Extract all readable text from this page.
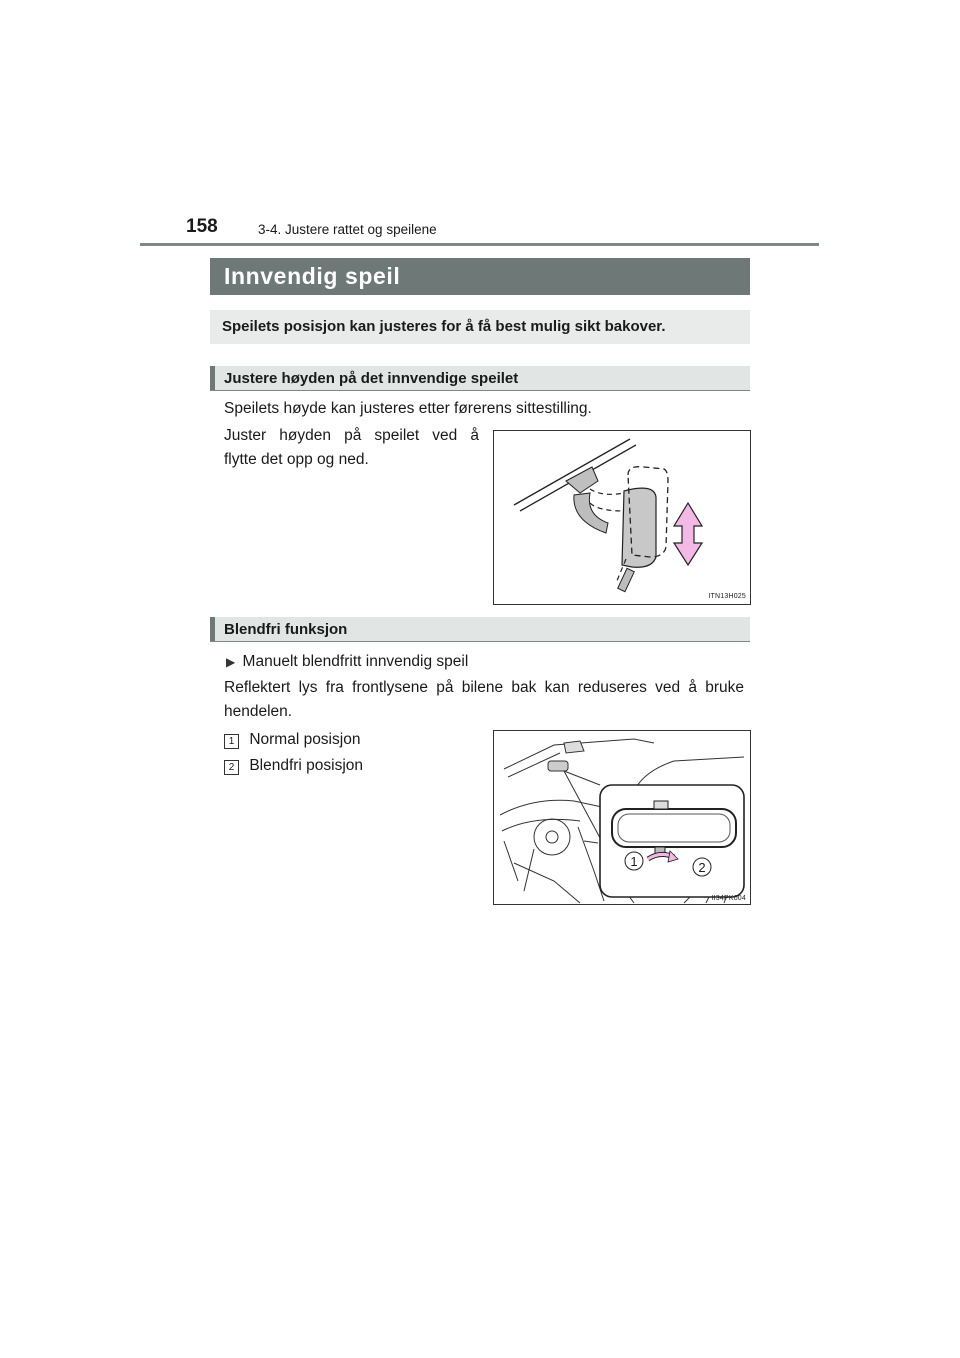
158	3-4. Justere rattet og speilene
Innvendig speil
Speilets posisjon kan justeres for å få best mulig sikt bakover.
Justere høyden på det innvendige speilet
Speilets høyde kan justeres etter førerens sittestilling.
Juster høyden på speilet ved å
flytte det opp og ned.
ITN13H025
Blendfri funksjon
▶ Manuelt blendfritt innvendig speil
Reflektert lys fra frontlysene på bilene bak kan reduseres ved å bruke
hendelen.
1 Normal posisjon
2 Blendfri posisjon
1	2
II34PK004
